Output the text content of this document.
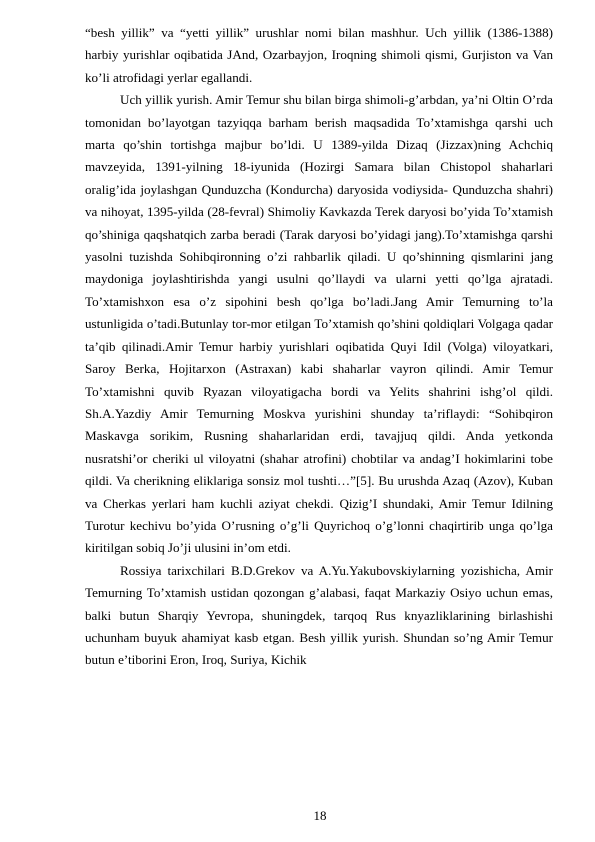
“besh yillik” va “yetti yillik” urushlar nomi bilan mashhur. Uch yillik (1386-1388) harbiy yurishlar oqibatida JAnd, Ozarbayjon, Iroqning shimoli qismi, Gurjiston va Van ko’li atrofidagi yerlar egallandi.

Uch yillik yurish. Amir Temur shu bilan birga shimoli-g’arbdan, ya’ni Oltin O’rda tomonidan bo’layotgan tazyiqqa barham berish maqsadida To’xtamishga qarshi uch marta qo’shin tortishga majbur bo’ldi. U 1389-yilda Dizaq (Jizzax)ning Achchiq mavzeyida, 1391-yilning 18-iyunida (Hozirgi Samara bilan Chistopol shaharlari oralig’ida joylashgan Qunduzcha (Kondurcha) daryosida vodiysida- Qunduzcha shahri) va nihoyat, 1395-yilda (28-fevral) Shimoliy Kavkazda Terek daryosi bo’yida To’xtamish qo’shiniga qaqshatqich zarba beradi (Tarak daryosi bo’yidagi jang).To’xtamishga qarshi yasolni tuzishda Sohibqironning o’zi rahbarlik qiladi. U qo’shinning qismlarini jang maydoniga joylashtirishda yangi usulni qo’llaydi va ularni yetti qo’lga ajratadi. To’xtamishxon esa o’z sipohini besh qo’lga bo’ladi.Jang Amir Temurning to’la ustunligida o’tadi.Butunlay tor-mor etilgan To’xtamish qo’shini qoldiqlari Volgaga qadar ta’qib qilinadi.Amir Temur harbiy yurishlari oqibatida Quyi Idil (Volga) viloyatkari, Saroy Berka, Hojitarxon (Astraxan) kabi shaharlar vayron qilindi. Amir Temur To’xtamishni quvib Ryazan viloyatigacha bordi va Yelits shahrini ishg’ol qildi. Sh.A.Yazdiy Amir Temurning Moskva yurishini shunday ta’riflaydi: “Sohibqiron Maskavga sorikim, Rusning shaharlaridan erdi, tavajjuq qildi. Anda yetkonda nusratshi’or cheriki ul viloyatni (shahar atrofini) chobtilar va andag’I hokimlarini tobe qildi. Va cherikning eliklariga sonsiz mol tushti…”[5]. Bu urushda Azaq (Azov), Kuban va Cherkas yerlari ham kuchli aziyat chekdi. Qizig’I shundaki, Amir Temur Idilning Turotur kechivu bo’yida O’rusning o’g’li Quyrichoq o’g’lonni chaqirtirib unga qo’lga kiritilgan sobiq Jo’ji ulusini in’om etdi.

Rossiya tarixchilari B.D.Grekov va A.Yu.Yakubovskiylarning yozishicha, Amir Temurning To’xtamish ustidan qozongan g’alabasi, faqat Markaziy Osiyo uchun emas, balki butun Sharqiy Yevropa, shuningdek, tarqoq Rus knyazliklarining birlashishi uchunham buyuk ahamiyat kasb etgan. Besh yillik yurish. Shundan so’ng Amir Temur butun e’tiborini Eron, Iroq, Suriya, Kichik

18
